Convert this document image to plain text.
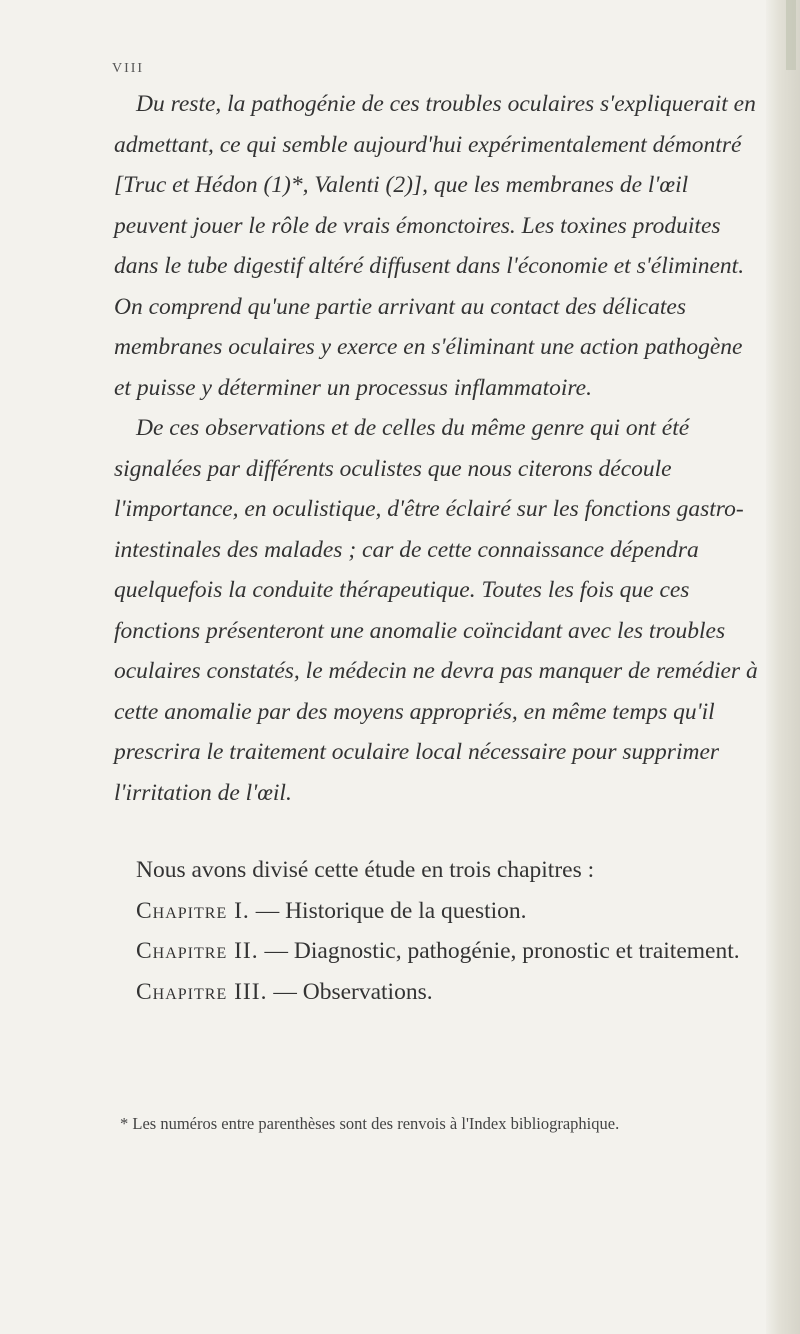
VIII

Du reste, la pathogénie de ces troubles oculaires s'expliquerait en admettant, ce qui semble aujourd'hui expérimentalement démontré [Truc et Hédon (1)*, Valenti (2)], que les membranes de l'œil peuvent jouer le rôle de vrais émonctoires. Les toxines produites dans le tube digestif altéré diffusent dans l'économie et s'éliminent. On comprend qu'une partie arrivant au contact des délicates membranes oculaires y exerce en s'éliminant une action pathogène et puisse y déterminer un processus inflammatoire.

De ces observations et de celles du même genre qui ont été signalées par différents oculistes que nous citerons découle l'importance, en oculistique, d'être éclairé sur les fonctions gastro-intestinales des malades ; car de cette connaissance dépendra quelquefois la conduite thérapeutique. Toutes les fois que ces fonctions présenteront une anomalie coïncidant avec les troubles oculaires constatés, le médecin ne devra pas manquer de remédier à cette anomalie par des moyens appropriés, en même temps qu'il prescrira le traitement oculaire local nécessaire pour supprimer l'irritation de l'œil.

Nous avons divisé cette étude en trois chapitres :

Chapitre I. — Historique de la question.

Chapitre II. — Diagnostic, pathogénie, pronostic et traitement.

Chapitre III. — Observations.

* Les numéros entre parenthèses sont des renvois à l'Index bibliographique.
